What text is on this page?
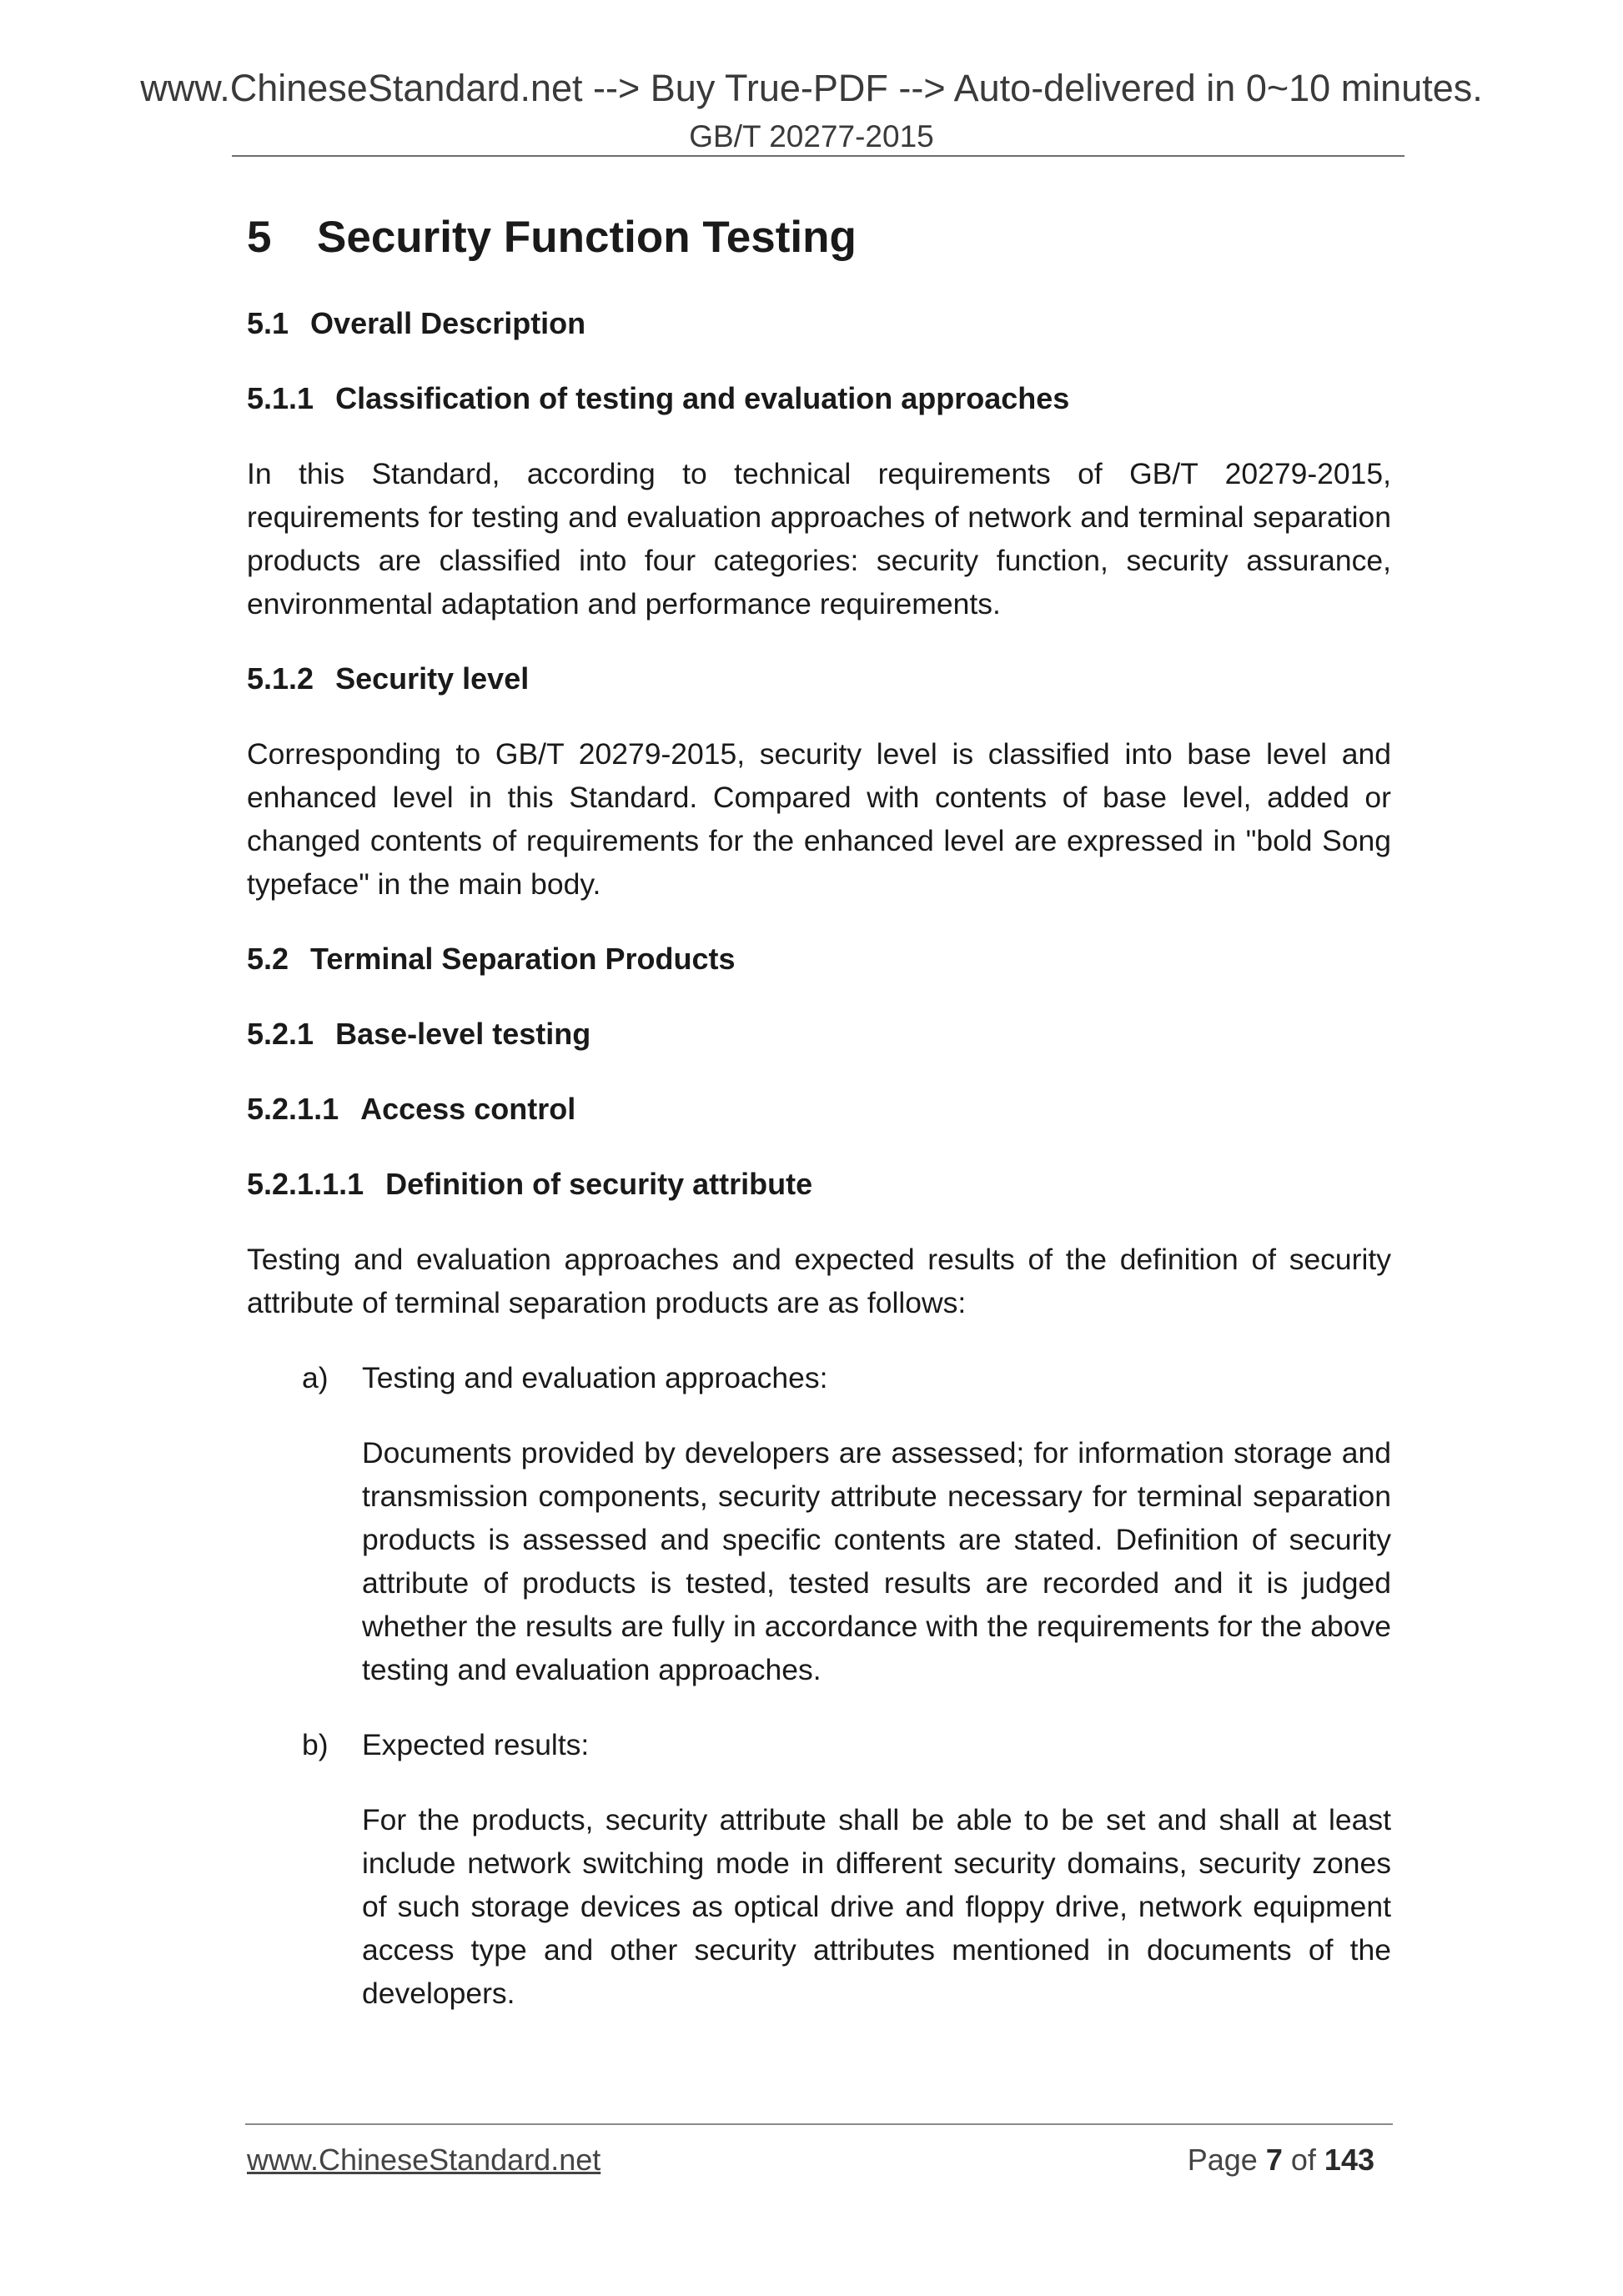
www.ChineseStandard.net --> Buy True-PDF --> Auto-delivered in 0~10 minutes.
GB/T 20277-2015
5 Security Function Testing
5.1 Overall Description
5.1.1 Classification of testing and evaluation approaches

In this Standard, according to technical requirements of GB/T 20279-2015, requirements for testing and evaluation approaches of network and terminal separation products are classified into four categories: security function, security assurance, environmental adaptation and performance requirements.

5.1.2 Security level

Corresponding to GB/T 20279-2015, security level is classified into base level and enhanced level in this Standard. Compared with contents of base level, added or changed contents of requirements for the enhanced level are expressed in "bold Song typeface" in the main body.

5.2 Terminal Separation Products
5.2.1 Base-level testing
5.2.1.1 Access control
5.2.1.1.1 Definition of security attribute

Testing and evaluation approaches and expected results of the definition of security attribute of terminal separation products are as follows:

a) Testing and evaluation approaches:

Documents provided by developers are assessed; for information storage and transmission components, security attribute necessary for terminal separation products is assessed and specific contents are stated. Definition of security attribute of products is tested, tested results are recorded and it is judged whether the results are fully in accordance with the requirements for the above testing and evaluation approaches.

b) Expected results:

For the products, security attribute shall be able to be set and shall at least include network switching mode in different security domains, security zones of such storage devices as optical drive and floppy drive, network equipment access type and other security attributes mentioned in documents of the developers.

www.ChineseStandard.net	Page 7 of 143
